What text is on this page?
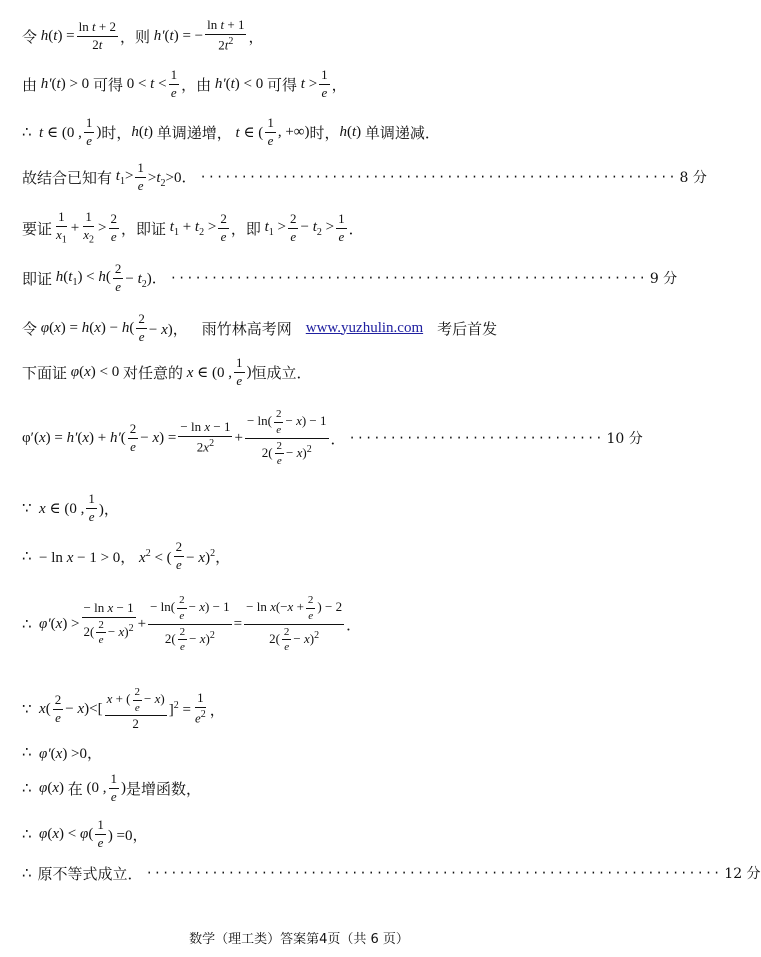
令 h ( t ) = $\frac{\text{ln t + 2}}{2t}$ ，则 h′ (t) = − $\frac{\text{ln t + 1}}{2t^2}$ ，
由 h′(t) > 0 可得 $0 < t < \frac{1}{e}$ ，由 h′(t) < 0 可得 $t > \frac{1}{e}$ ，
∴ t ∈ (0 , $\frac{1}{e}$ ) 时， h(t) 单调递增， t ∈ ( $\frac{1}{e}$ , +∞) 时， h(t) 单调递减．
故结合已知有 $t_1> \frac{1}{e} >t_2>0$． ·························································· 8 分
要证 $\frac{1}{x_1} + \frac{1}{x_2} > \frac{2}{e}$ ，即证 $t_1 + t_2 > \frac{2}{e}$ ，即 $t_1 > \frac{2}{e} - t_2 > \frac{1}{e}$ ．
即证 $h(t_1) < h( \frac{2}{e} - t_2)$． ·························································· 9 分
令 $\varphi(x) = h(x) - h( \frac{2}{e} - x)$， 雨竹林高考网 www.yuzhulin.com 考后首发
下面证 φ(x) < 0 对任意的 x ∈ (0 , $\frac{1}{e}$ ) 恒成立．
$\varphi'(x) = h'(x) + h'( \frac{2}{e} - x) = \frac{\text{− ln x − 1}}{2x^2} + \frac{- \ln( \frac{2}{e} - x) - 1}{2( \frac{2}{e} - x)^2}$ ． ······························· 10 分
∵ x ∈ (0 , $\frac{1}{e}$ )，
∴ − ln x − 1 > 0， $x^2$ < ( $\frac{2}{e} - x)^2$，
∴ $\varphi'(x) > \frac{\text{− ln x − 1}}{2( \frac{2}{e} - x)^2} + \frac{- \ln( \frac{2}{e} - x) - 1}{2( \frac{2}{e} - x)^2} = \frac{- \ln x(-x + \frac{2}{e} ) - 2}{2( \frac{2}{e} - x)^2}$ ．
∵ $x( \frac{2}{e} - x)<[ \frac{x + ( \frac{2}{e} - x)}{2} ]^2 = \frac{1}{e^2}$ ，
∴ φ′(x) >0，
∴ φ(x) 在 (0 , $\frac{1}{e}$ ) 是增函数，
∴ $\varphi(x) < \varphi( \frac{1}{e}$ ) =0，
∴ 原不等式成立． ······································································ 12 分
数学（理工类）答案第4页（共 6 页）
